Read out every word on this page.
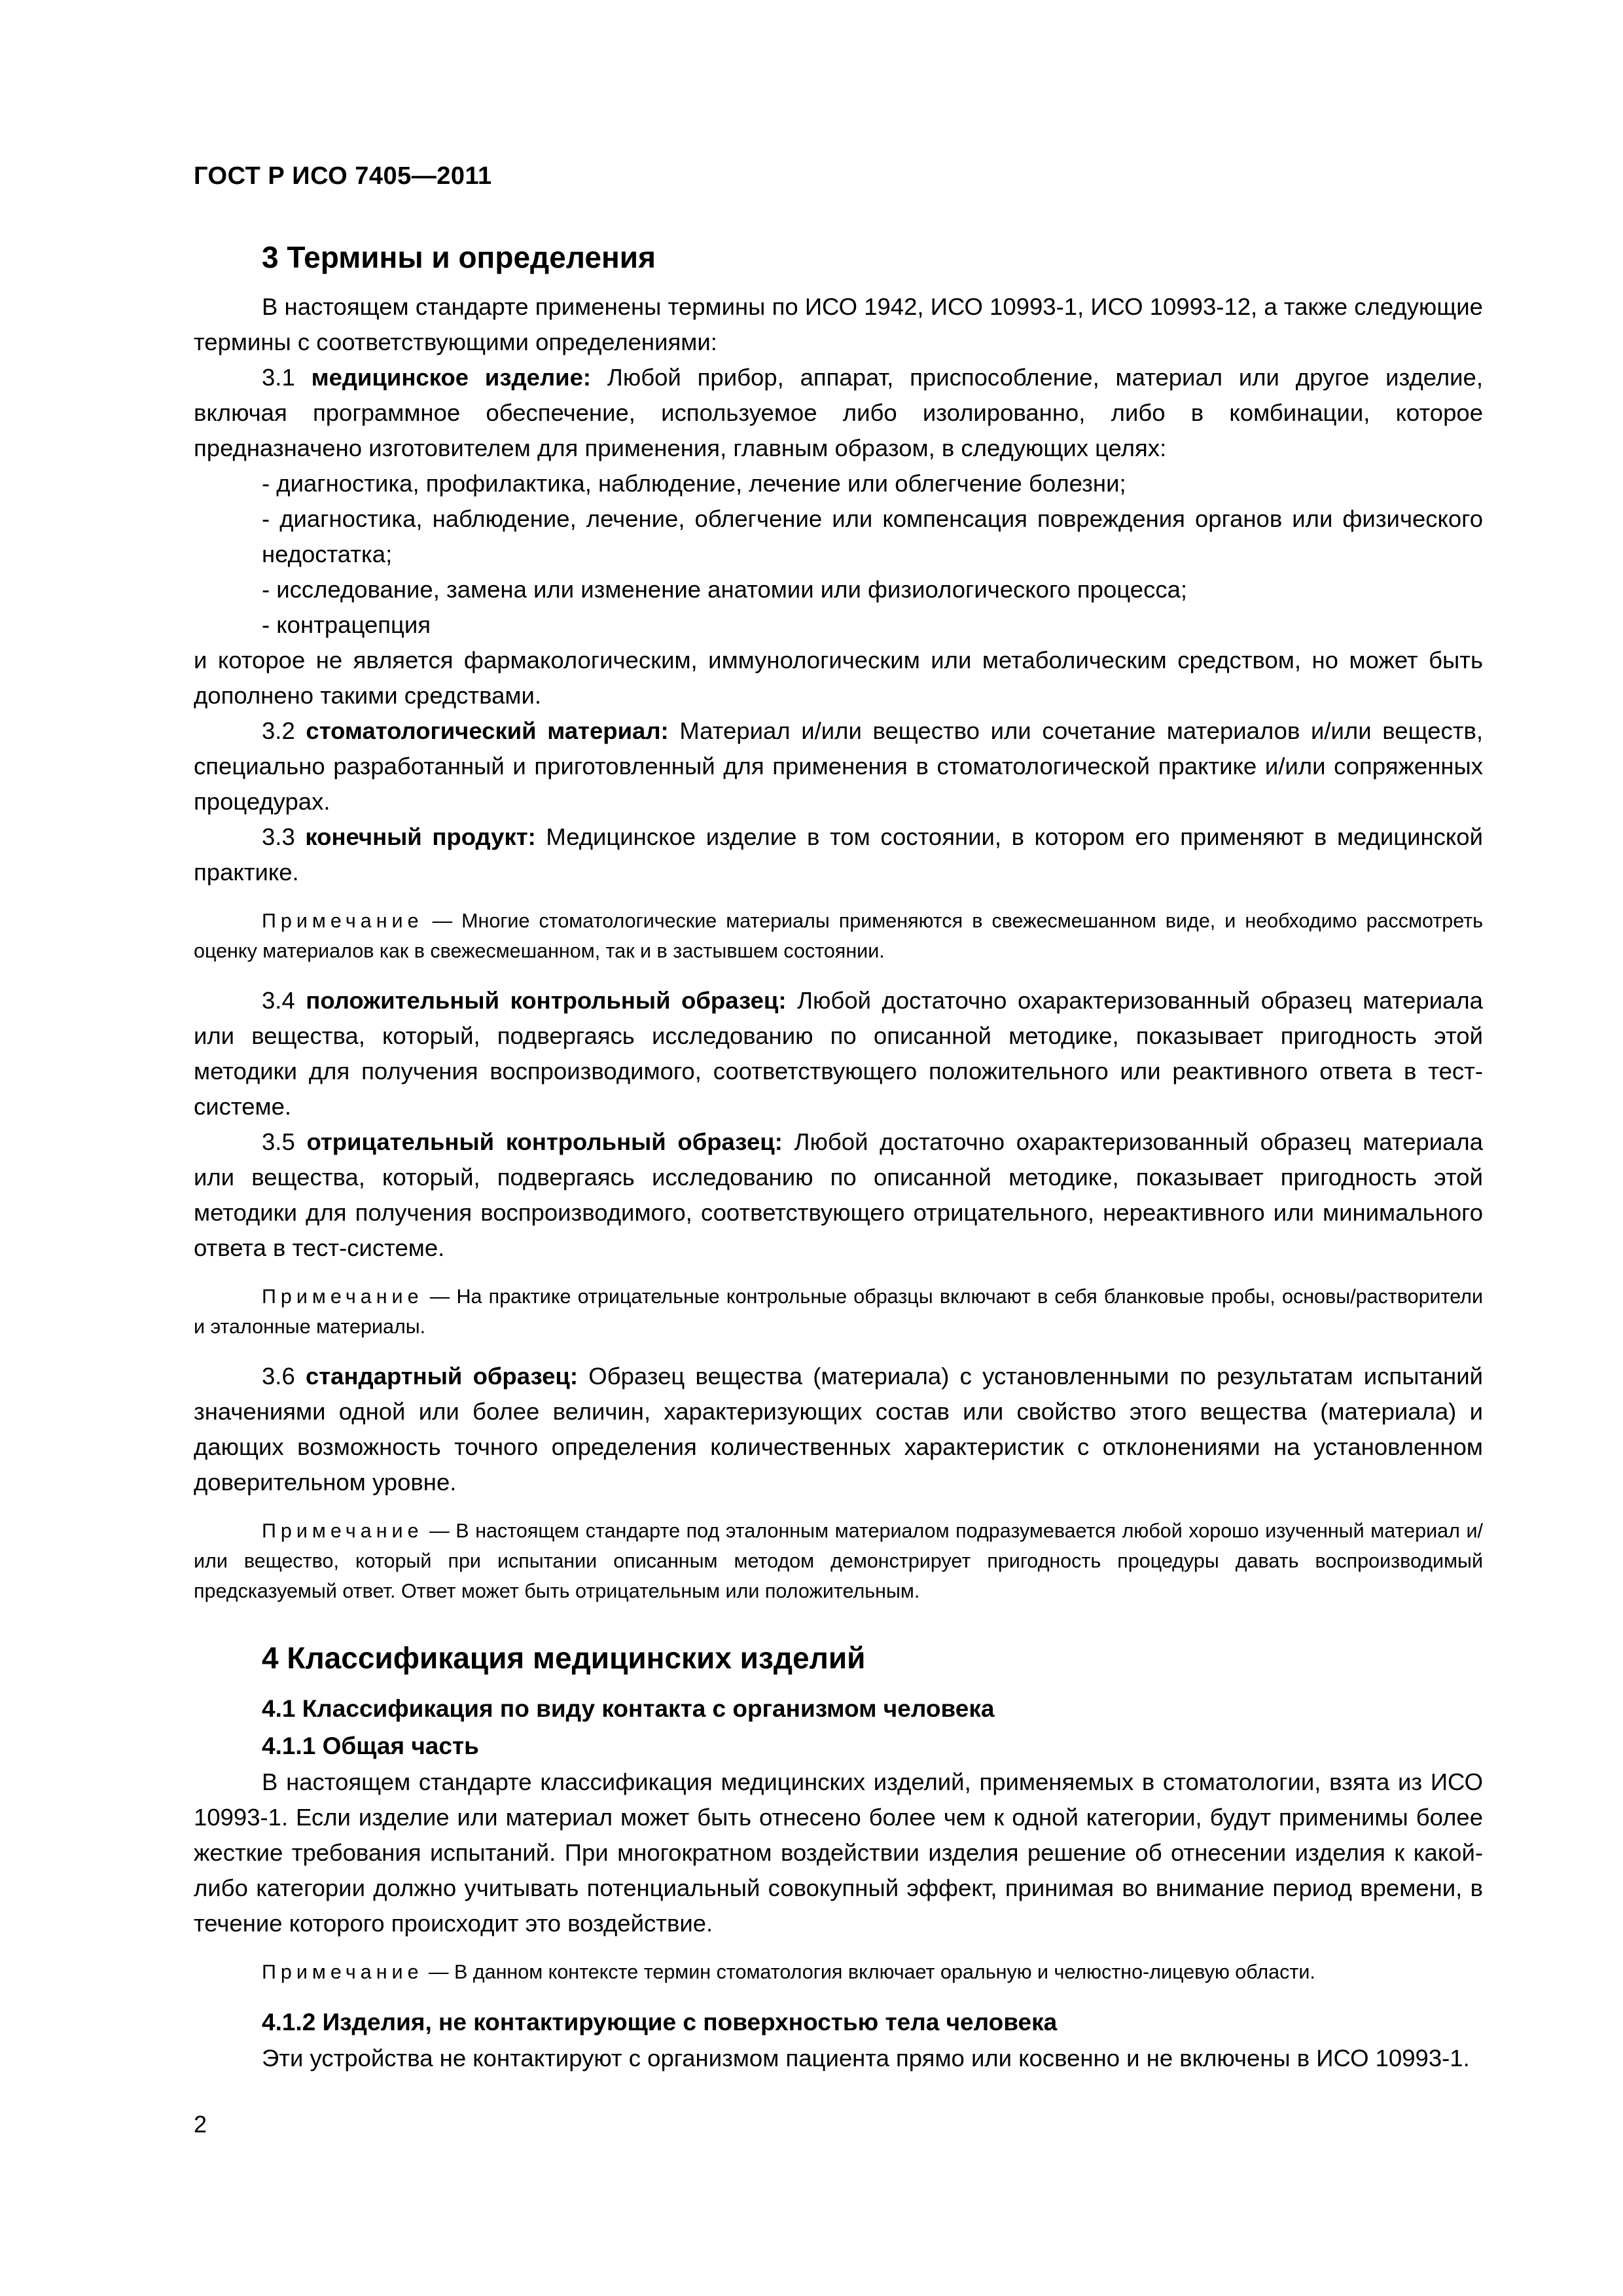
ГОСТ Р ИСО 7405—2011
3 Термины и определения

В настоящем стандарте применены термины по ИСО 1942, ИСО 10993-1, ИСО 10993-12, а также следующие термины с соответствующими определениями:

3.1 медицинское изделие: Любой прибор, аппарат, приспособление, материал или другое изделие, включая программное обеспечение, используемое либо изолированно, либо в комбинации, которое предназначено изготовителем для применения, главным образом, в следующих целях:

- диагностика, профилактика, наблюдение, лечение или облегчение болезни;

- диагностика, наблюдение, лечение, облегчение или компенсация повреждения органов или физического недостатка;

- исследование, замена или изменение анатомии или физиологического процесса;

- контрацепция

и которое не является фармакологическим, иммунологическим или метаболическим средством, но может быть дополнено такими средствами.

3.2 стоматологический материал: Материал и/или вещество или сочетание материалов и/или веществ, специально разработанный и приготовленный для применения в стоматологической практике и/или сопряженных процедурах.

3.3 конечный продукт: Медицинское изделие в том состоянии, в котором его применяют в медицинской практике.

Примечание — Многие стоматологические материалы применяются в свежесмешанном виде, и необходимо рассмотреть оценку материалов как в свежесмешанном, так и в застывшем состоянии.

3.4 положительный контрольный образец: Любой достаточно охарактеризованный образец материала или вещества, который, подвергаясь исследованию по описанной методике, показывает пригодность этой методики для получения воспроизводимого, соответствующего положительного или реактивного ответа в тест-системе.

3.5 отрицательный контрольный образец: Любой достаточно охарактеризованный образец материала или вещества, который, подвергаясь исследованию по описанной методике, показывает пригодность этой методики для получения воспроизводимого, соответствующего отрицательного, нереактивного или минимального ответа в тест-системе.

Примечание — На практике отрицательные контрольные образцы включают в себя бланковые пробы, основы/растворители и эталонные материалы.

3.6 стандартный образец: Образец вещества (материала) с установленными по результатам испытаний значениями одной или более величин, характеризующих состав или свойство этого вещества (материала) и дающих возможность точного определения количественных характеристик с отклонениями на установленном доверительном уровне.

Примечание — В настоящем стандарте под эталонным материалом подразумевается любой хорошо изученный материал и/или вещество, который при испытании описанным методом демонстрирует пригодность процедуры давать воспроизводимый предсказуемый ответ. Ответ может быть отрицательным или положительным.

4 Классификация медицинских изделий
4.1 Классификация по виду контакта с организмом человека
4.1.1 Общая часть

В настоящем стандарте классификация медицинских изделий, применяемых в стоматологии, взята из ИСО 10993-1. Если изделие или материал может быть отнесено более чем к одной категории, будут применимы более жесткие требования испытаний. При многократном воздействии изделия решение об отнесении изделия к какой-либо категории должно учитывать потенциальный совокупный эффект, принимая во внимание период времени, в течение которого происходит это воздействие.

Примечание — В данном контексте термин стоматология включает оральную и челюстно-лицевую области.

4.1.2 Изделия, не контактирующие с поверхностью тела человека

Эти устройства не контактируют с организмом пациента прямо или косвенно и не включены в ИСО 10993-1.

2
